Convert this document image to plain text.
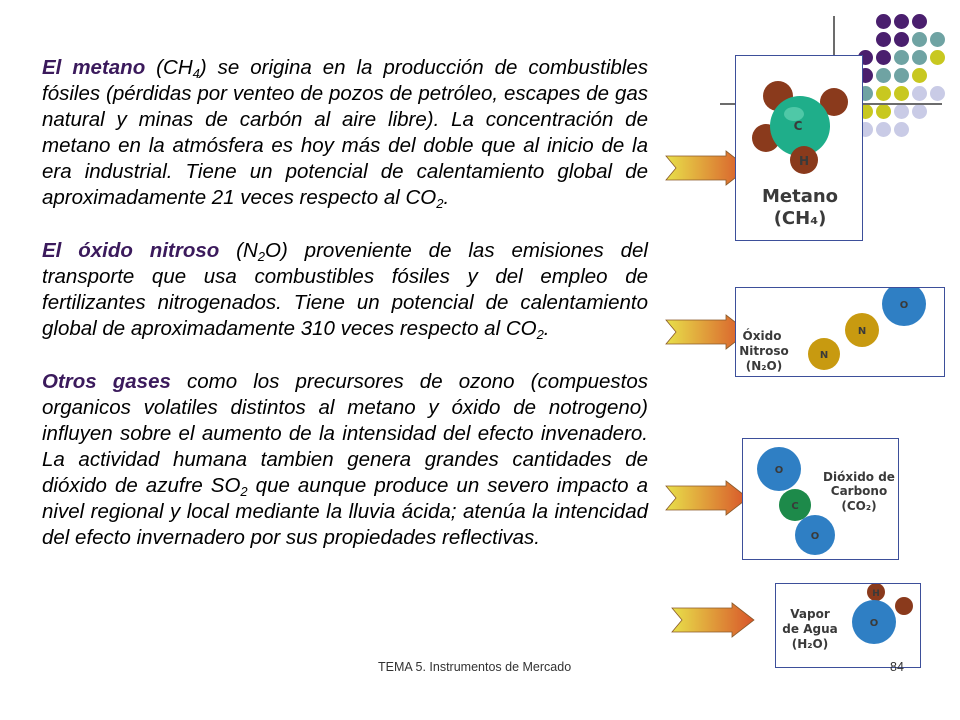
El metano $(CH_4)$ se origina en la producción de combustibles fósiles (pérdidas por venteo de pozos de petróleo, escapes de gas natural y minas de carbón al aire libre). La concentración de metano en la atmósfera es hoy más del doble que al inicio de la era industrial. Tiene un potencial de calentamiento global de aproximadamente 21 veces respecto al $CO_2$.

El óxido nitroso $(N_2O)$ proveniente de las emisiones del transporte que usa combustibles fósiles y del empleo de fertilizantes nitrogenados. Tiene un potencial de calentamiento global de aproximadamente 310 veces respecto al $CO_2$.

Otros gases como los precursores de ozono (compuestos organicos volatiles distintos al metano y óxido de notrogeno) influyen sobre el aumento de la intensidad del efecto invenadero. La actividad humana tambien genera grandes cantidades de dióxido de azufre $SO_2$ que aunque produce un severo impacto a nivel regional y local mediante la lluvia ácida; atenúa la intencidad del efecto invernadero por sus propiedades reflectivas.

C
H
Metano
(CH₄)
O
N
N
Óxido
Nitroso
(N₂O)
O
C
O
Dióxido de
Carbono
(CO₂)
H
O
Vapor
de Agua
(H₂O)
TEMA 5. Instrumentos de Mercado	84
